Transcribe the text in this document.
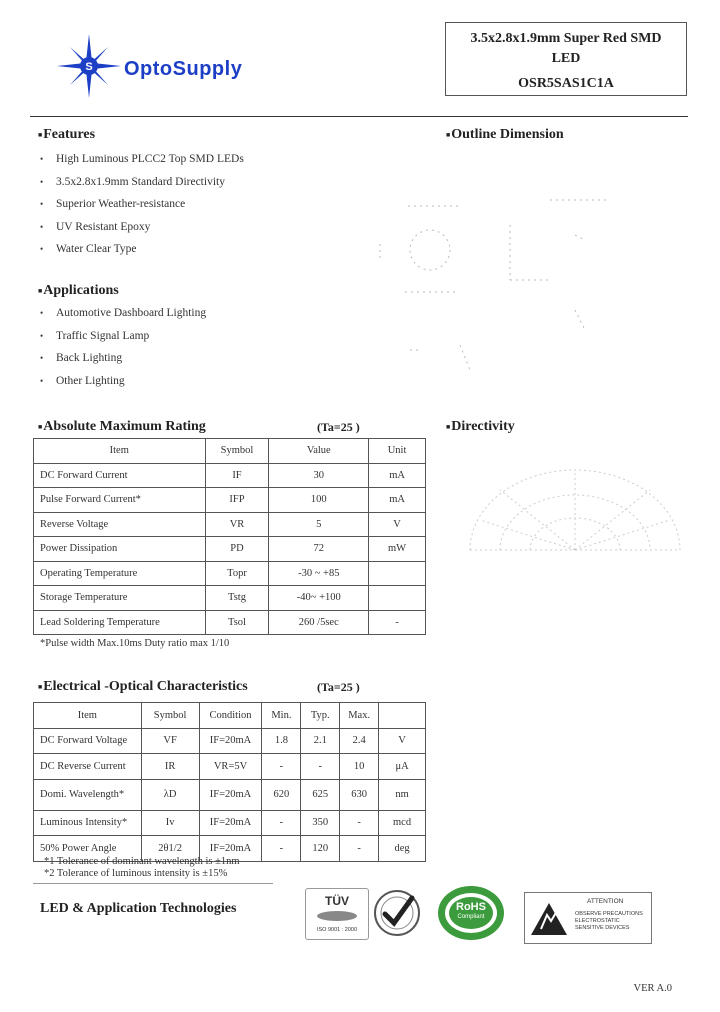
S OptoSupply
3.5x2.8x1.9mm Super Red SMD
LED
OSR5SAS1C1A
■ Features
• High Luminous PLCC2 Top SMD LEDs
• 3.5x2.8x1.9mm Standard Directivity
• Superior Weather-resistance
• UV Resistant Epoxy
• Water Clear Type
■ Applications
• Automotive Dashboard Lighting
• Traffic Signal Lamp
• Back Lighting
• Other Lighting
■ Outline Dimension
■ Absolute Maximum Rating	(Ta=25 )
Item	Symbol	Value	Unit
DC Forward Current	IF	30	mA
Pulse Forward Current*	IFP	100	mA
Reverse Voltage	VR	5	V
Power Dissipation	PD	72	mW
Operating Temperature	Topr	-30 ~ +85	
Storage Temperature	Tstg	-40~ +100	
Lead Soldering Temperature	Tsol	260 /5sec	-
*Pulse width Max.10ms Duty ratio max 1/10
■ Directivity
■ Electrical -Optical Characteristics	(Ta=25 )
Item	Symbol	Condition	Min.	Typ.	Max.	
DC Forward Voltage	VF	IF=20mA	1.8	2.1	2.4	V
DC Reverse Current	IR	VR=5V	-	-	10	μA
Domi. Wavelength*	λD	IF=20mA	620	625	630	nm
Luminous Intensity*	Iv	IF=20mA	-	350	-	mcd
50% Power Angle	2θ1/2	IF=20mA	-	120	-	deg
*1 Tolerance of dominant wavelength is ±1nm
*2 Tolerance of luminous intensity is ±15%
LED & Application Technologies	TÜV
ISO 9001 : 2000
RoHS
Compliant
ATTENTION
OBSERVE PRECAUTIONS
ELECTROSTATIC
SENSITIVE DEVICES
VER A.0
